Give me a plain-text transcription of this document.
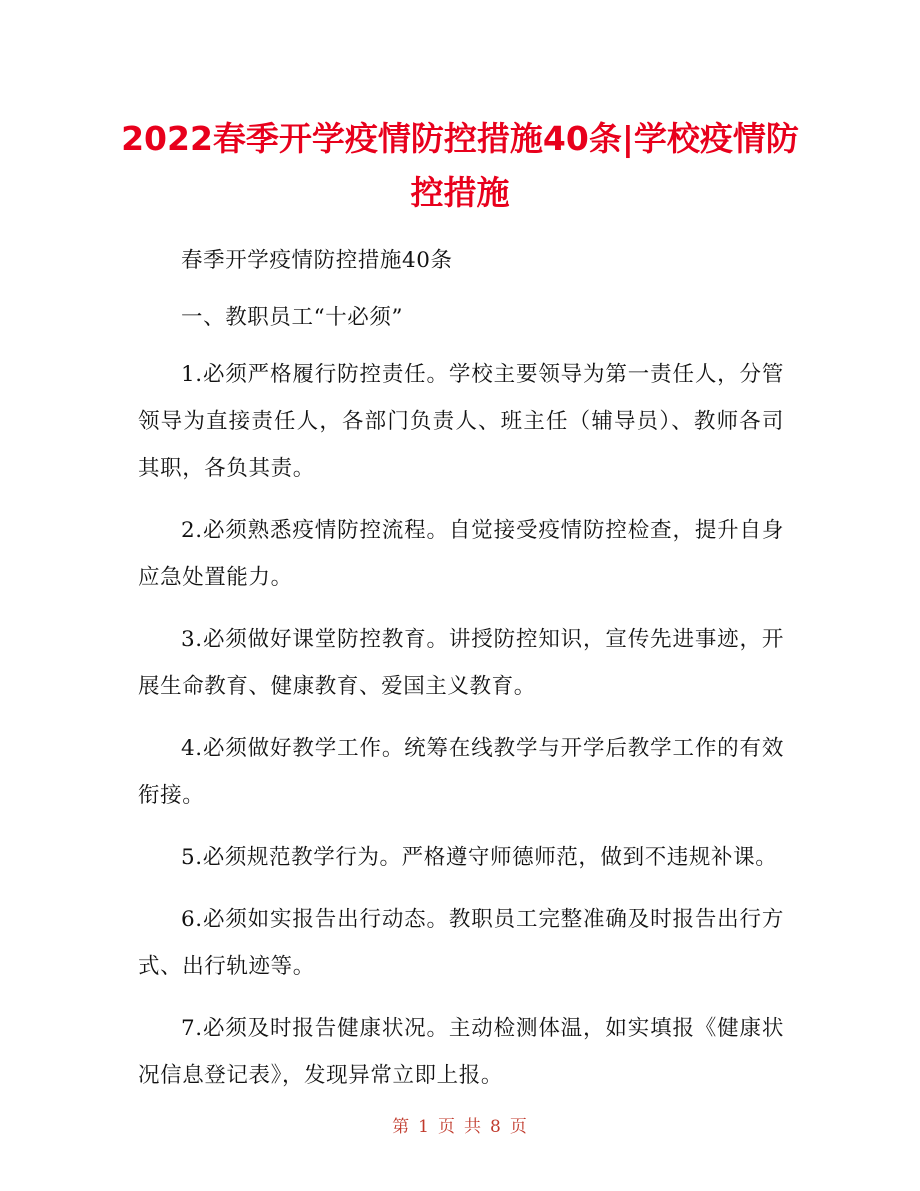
2022春季开学疫情防控措施40条|学校疫情防控措施

春季开学疫情防控措施40条

一、教职员工“十必须”

1.必须严格履行防控责任。学校主要领导为第一责任人，分管领导为直接责任人，各部门负责人、班主任（辅导员）、教师各司其职，各负其责。

2.必须熟悉疫情防控流程。自觉接受疫情防控检查，提升自身应急处置能力。

3.必须做好课堂防控教育。讲授防控知识，宣传先进事迹，开展生命教育、健康教育、爱国主义教育。

4.必须做好教学工作。统筹在线教学与开学后教学工作的有效衔接。

5.必须规范教学行为。严格遵守师德师范，做到不违规补课。

6.必须如实报告出行动态。教职员工完整准确及时报告出行方式、出行轨迹等。

7.必须及时报告健康状况。主动检测体温，如实填报《健康状况信息登记表》，发现异常立即上报。

第 1 页 共 8 页
